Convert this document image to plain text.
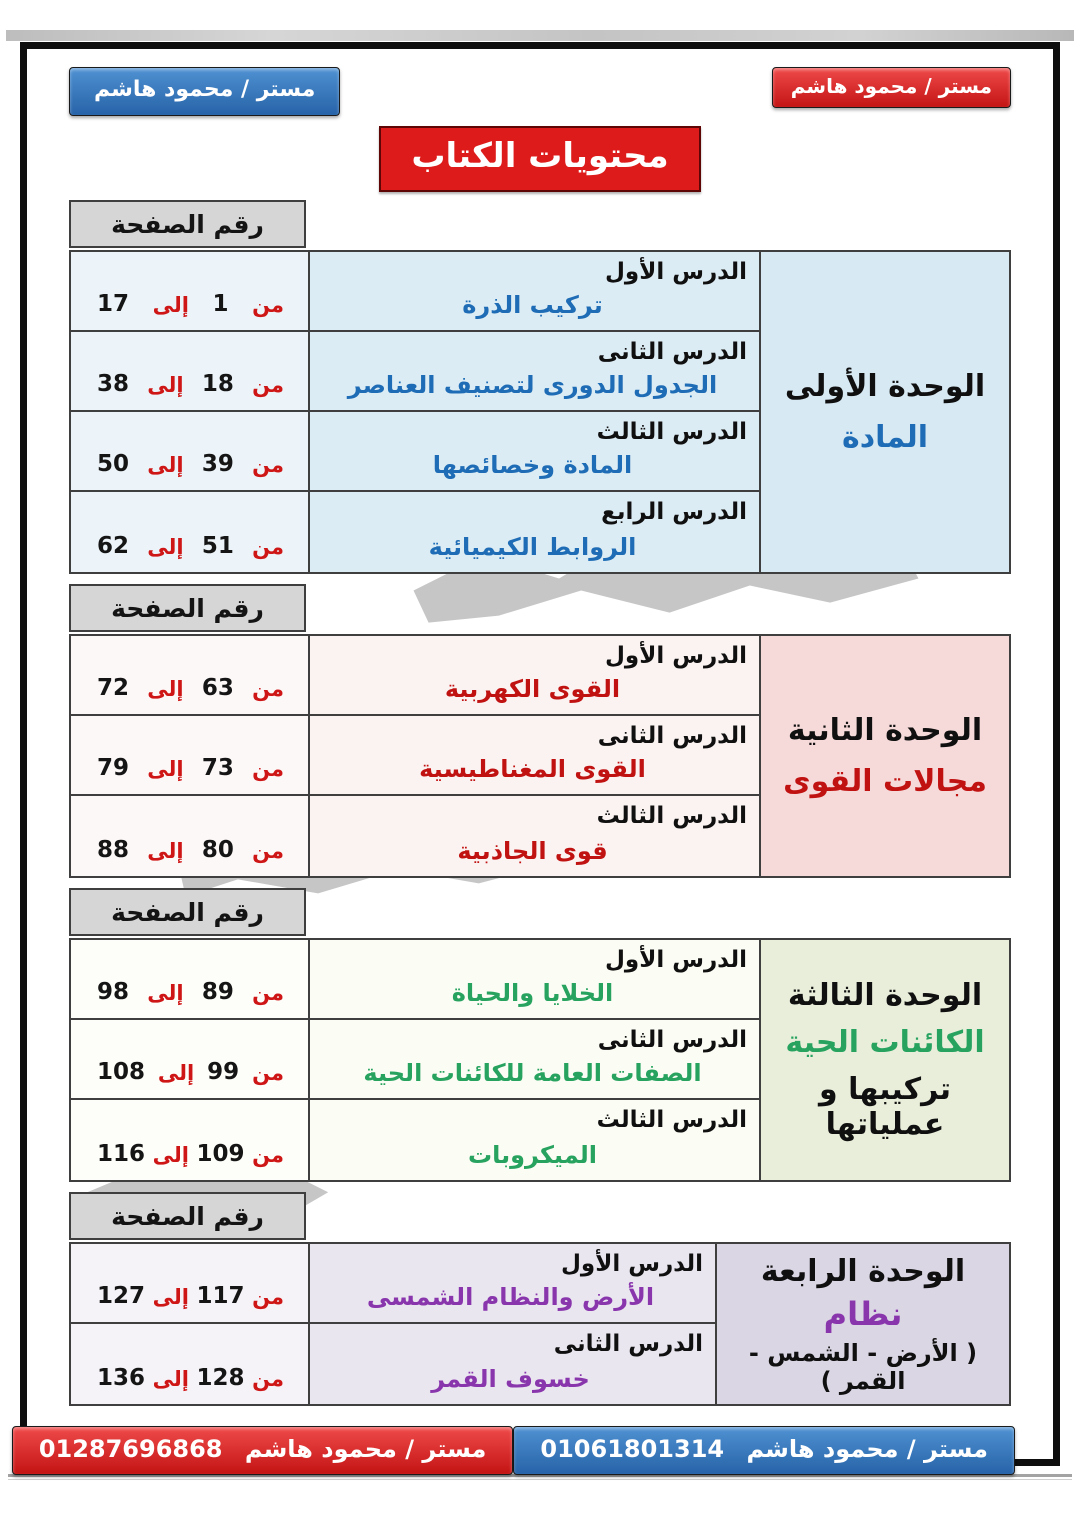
مستر / محمود هاشم
مستر / محمود هاشم
محتويات الكتاب
رقم الصفحة
الوحدة الأولى
المادة
الدرس الأول
تركيب الذرة
من
1
إلى
17
الدرس الثانى
الجدول الدورى لتصنيف العناصر
من
18
إلى
38
الدرس الثالث
المادة وخصائصها
من
39
إلى
50
الدرس الرابع
الروابط الكيميائية
من
51
إلى
62
رقم الصفحة
الوحدة الثانية
مجالات القوى
الدرس الأول
القوى الكهربية
من
63
إلى
72
الدرس الثانى
القوى المغناطيسية
من
73
إلى
79
الدرس الثالث
قوى الجاذبية
من
80
إلى
88
رقم الصفحة
الوحدة الثالثة
الكائنات الحية
تركيبها و عملياتها
الدرس الأول
الخلايا والحياة
من
89
إلى
98
الدرس الثانى
الصفات العامة للكائنات الحية
من
99
إلى
108
الدرس الثالث
الميكروبات
من
109
إلى
116
رقم الصفحة
الوحدة الرابعة
نظام
( الأرض - الشمس - القمر )
الدرس الأول
الأرض والنظام الشمسى
من
117
إلى
127
الدرس الثانى
خسوف القمر
من
128
إلى
136
مستر / محمود هاشم 01061801314
مستر / محمود هاشم 01287696868
